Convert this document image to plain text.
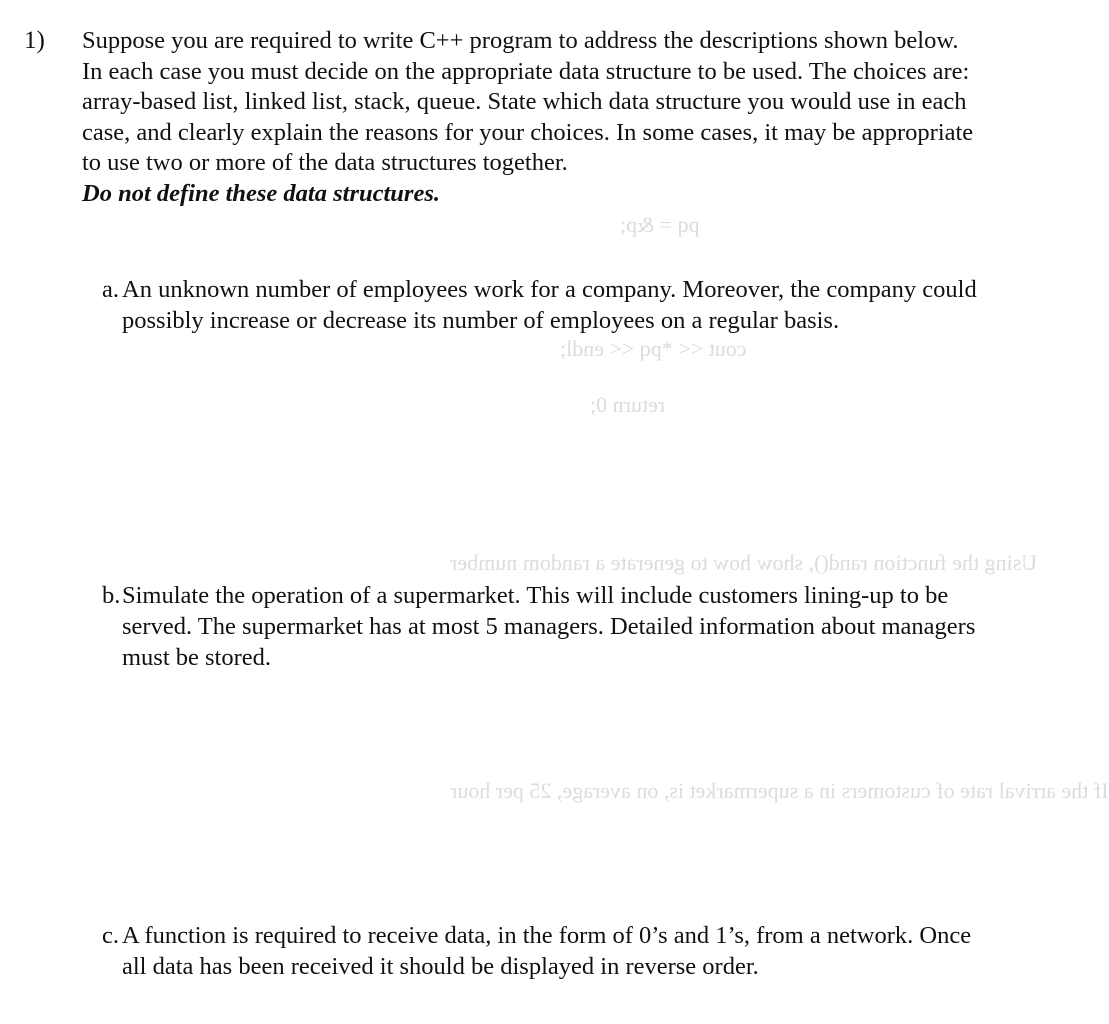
pq = &p;
cout << *pq << endl;
return 0;
Using the function rand(), show how to generate a random number
If the arrival rate of customers in a supermarket is, on average, 25 per hour
1) Suppose you are required to write C++ program to address the descriptions shown below. In each case you must decide on the appropriate data structure to be used. The choices are: array-based list, linked list, stack, queue. State which data structure you would use in each case, and clearly explain the reasons for your choices. In some cases, it may be appropriate to use two or more of the data structures together.
Do not define these data structures.

a. An unknown number of employees work for a company. Moreover, the company could possibly increase or decrease its number of employees on a regular basis.

b. Simulate the operation of a supermarket. This will include customers lining-up to be served. The supermarket has at most 5 managers. Detailed information about managers must be stored.

c. A function is required to receive data, in the form of 0’s and 1’s, from a network. Once all data has been received it should be displayed in reverse order.
